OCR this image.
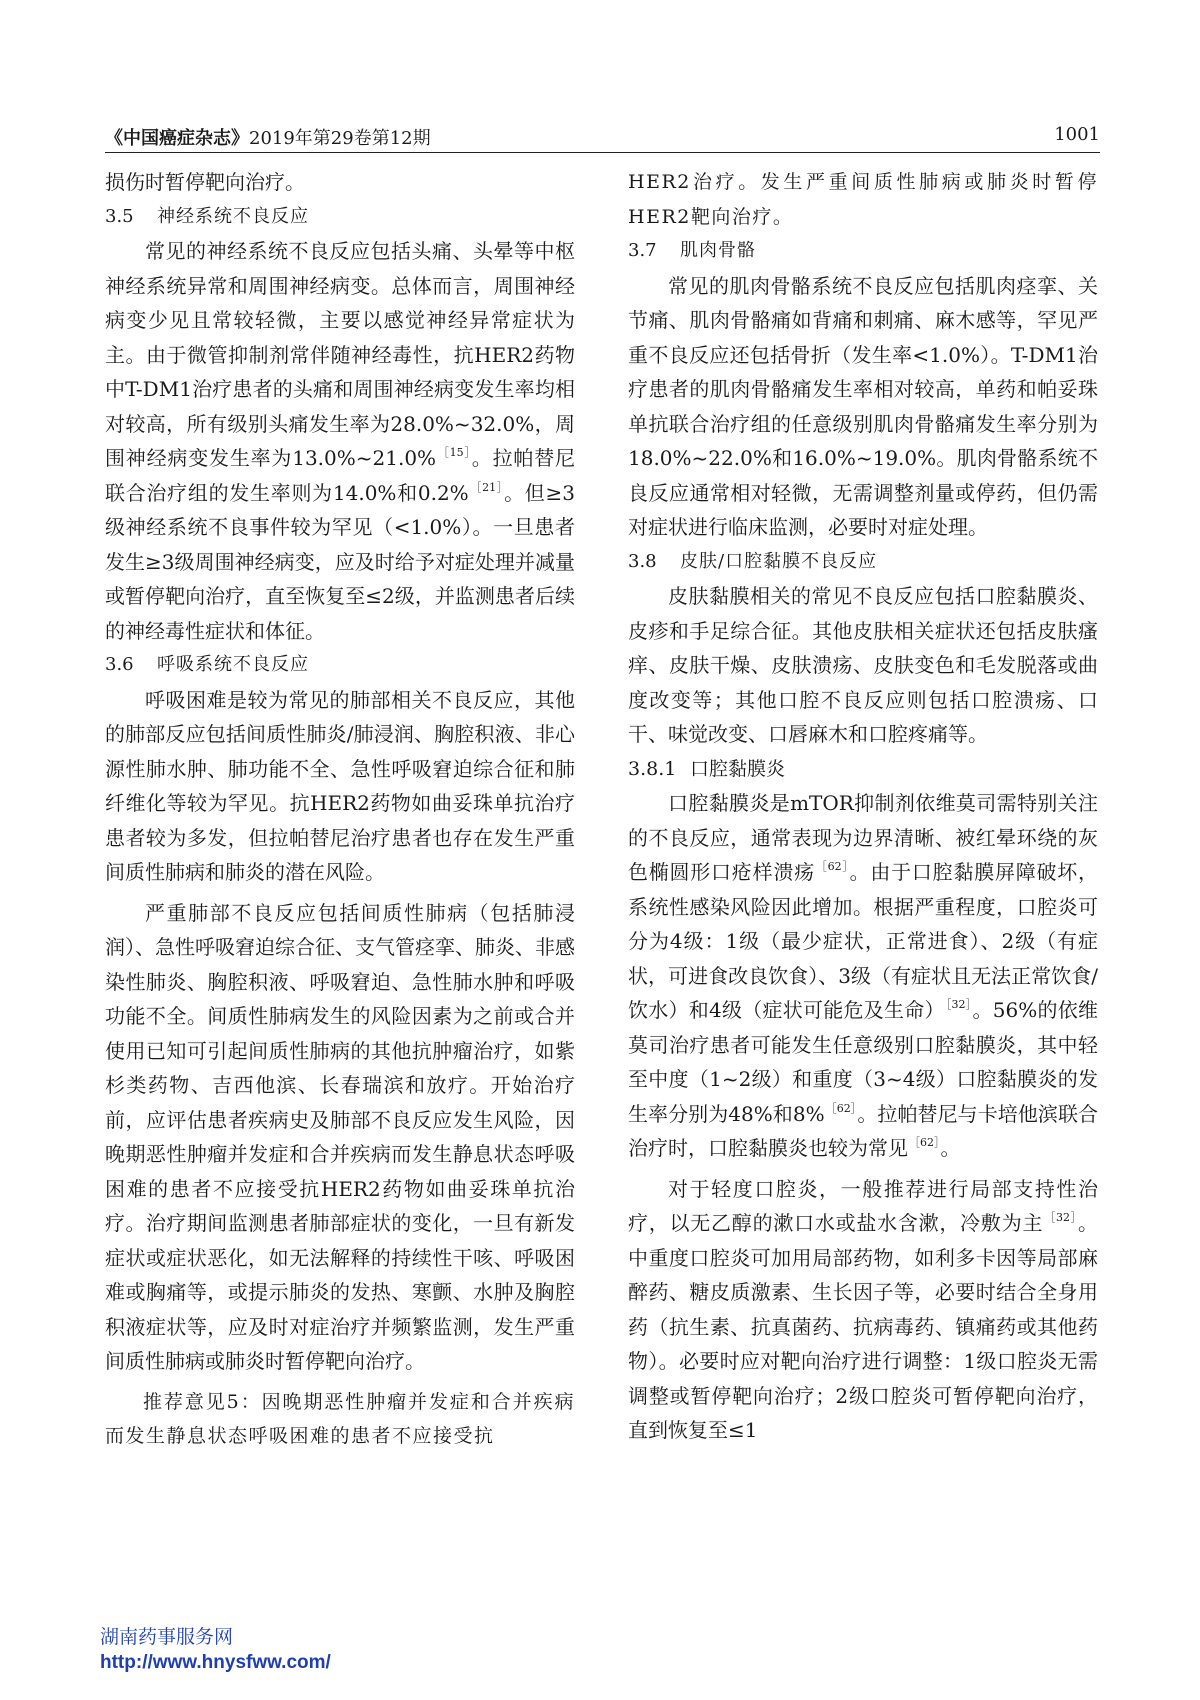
《中国癌症杂志》2019年第29卷第12期	1001

损伤时暂停靶向治疗。

3.5 神经系统不良反应

常见的神经系统不良反应包括头痛、头晕等中枢神经系统异常和周围神经病变。总体而言，周围神经病变少见且常较轻微，主要以感觉神经异常症状为主。由于微管抑制剂常伴随神经毒性，抗HER2药物中T-DM1治疗患者的头痛和周围神经病变发生率均相对较高，所有级别头痛发生率为28.0%~32.0%，周围神经病变发生率为13.0%~21.0%$^{[15]}$。拉帕替尼联合治疗组的发生率则为14.0%和0.2%$^{[21]}$。但≥3级神经系统不良事件较为罕见（<1.0%）。一旦患者发生≥3级周围神经病变，应及时给予对症处理并减量或暂停靶向治疗，直至恢复至≤2级，并监测患者后续的神经毒性症状和体征。

3.6 呼吸系统不良反应

呼吸困难是较为常见的肺部相关不良反应，其他的肺部反应包括间质性肺炎/肺浸润、胸腔积液、非心源性肺水肿、肺功能不全、急性呼吸窘迫综合征和肺纤维化等较为罕见。抗HER2药物如曲妥珠单抗治疗患者较为多发，但拉帕替尼治疗患者也存在发生严重间质性肺病和肺炎的潜在风险。

严重肺部不良反应包括间质性肺病（包括肺浸润）、急性呼吸窘迫综合征、支气管痉挛、肺炎、非感染性肺炎、胸腔积液、呼吸窘迫、急性肺水肿和呼吸功能不全。间质性肺病发生的风险因素为之前或合并使用已知可引起间质性肺病的其他抗肿瘤治疗，如紫杉类药物、吉西他滨、长春瑞滨和放疗。开始治疗前，应评估患者疾病史及肺部不良反应发生风险，因晚期恶性肿瘤并发症和合并疾病而发生静息状态呼吸困难的患者不应接受抗HER2药物如曲妥珠单抗治疗。治疗期间监测患者肺部症状的变化，一旦有新发症状或症状恶化，如无法解释的持续性干咳、呼吸困难或胸痛等，或提示肺炎的发热、寒颤、水肿及胸腔积液症状等，应及时对症治疗并频繁监测，发生严重间质性肺病或肺炎时暂停靶向治疗。

推荐意见5：因晚期恶性肿瘤并发症和合并疾病而发生静息状态呼吸困难的患者不应接受抗

HER2治疗。发生严重间质性肺病或肺炎时暂停HER2靶向治疗。

3.7 肌肉骨骼

常见的肌肉骨骼系统不良反应包括肌肉痉挛、关节痛、肌肉骨骼痛如背痛和刺痛、麻木感等，罕见严重不良反应还包括骨折（发生率<1.0%）。T-DM1治疗患者的肌肉骨骼痛发生率相对较高，单药和帕妥珠单抗联合治疗组的任意级别肌肉骨骼痛发生率分别为18.0%~22.0%和16.0%~19.0%。肌肉骨骼系统不良反应通常相对轻微，无需调整剂量或停药，但仍需对症状进行临床监测，必要时对症处理。

3.8 皮肤/口腔黏膜不良反应

皮肤黏膜相关的常见不良反应包括口腔黏膜炎、皮疹和手足综合征。其他皮肤相关症状还包括皮肤瘙痒、皮肤干燥、皮肤溃疡、皮肤变色和毛发脱落或曲度改变等；其他口腔不良反应则包括口腔溃疡、口干、味觉改变、口唇麻木和口腔疼痛等。

3.8.1 口腔黏膜炎

口腔黏膜炎是mTOR抑制剂依维莫司需特别关注的不良反应，通常表现为边界清晰、被红晕环绕的灰色椭圆形口疮样溃疡$^{[62]}$。由于口腔黏膜屏障破坏，系统性感染风险因此增加。根据严重程度，口腔炎可分为4级：1级（最少症状，正常进食）、2级（有症状，可进食改良饮食）、3级（有症状且无法正常饮食/饮水）和4级（症状可能危及生命）$^{[32]}$。56%的依维莫司治疗患者可能发生任意级别口腔黏膜炎，其中轻至中度（1~2级）和重度（3~4级）口腔黏膜炎的发生率分别为48%和8%$^{[62]}$。拉帕替尼与卡培他滨联合治疗时，口腔黏膜炎也较为常见$^{[62]}$。

对于轻度口腔炎，一般推荐进行局部支持性治疗，以无乙醇的漱口水或盐水含漱，冷敷为主$^{[32]}$。中重度口腔炎可加用局部药物，如利多卡因等局部麻醉药、糖皮质激素、生长因子等，必要时结合全身用药（抗生素、抗真菌药、抗病毒药、镇痛药或其他药物）。必要时应对靶向治疗进行调整：1级口腔炎无需调整或暂停靶向治疗；2级口腔炎可暂停靶向治疗，直到恢复至≤1

湖南药事服务网
http://www.hnysfww.com/
